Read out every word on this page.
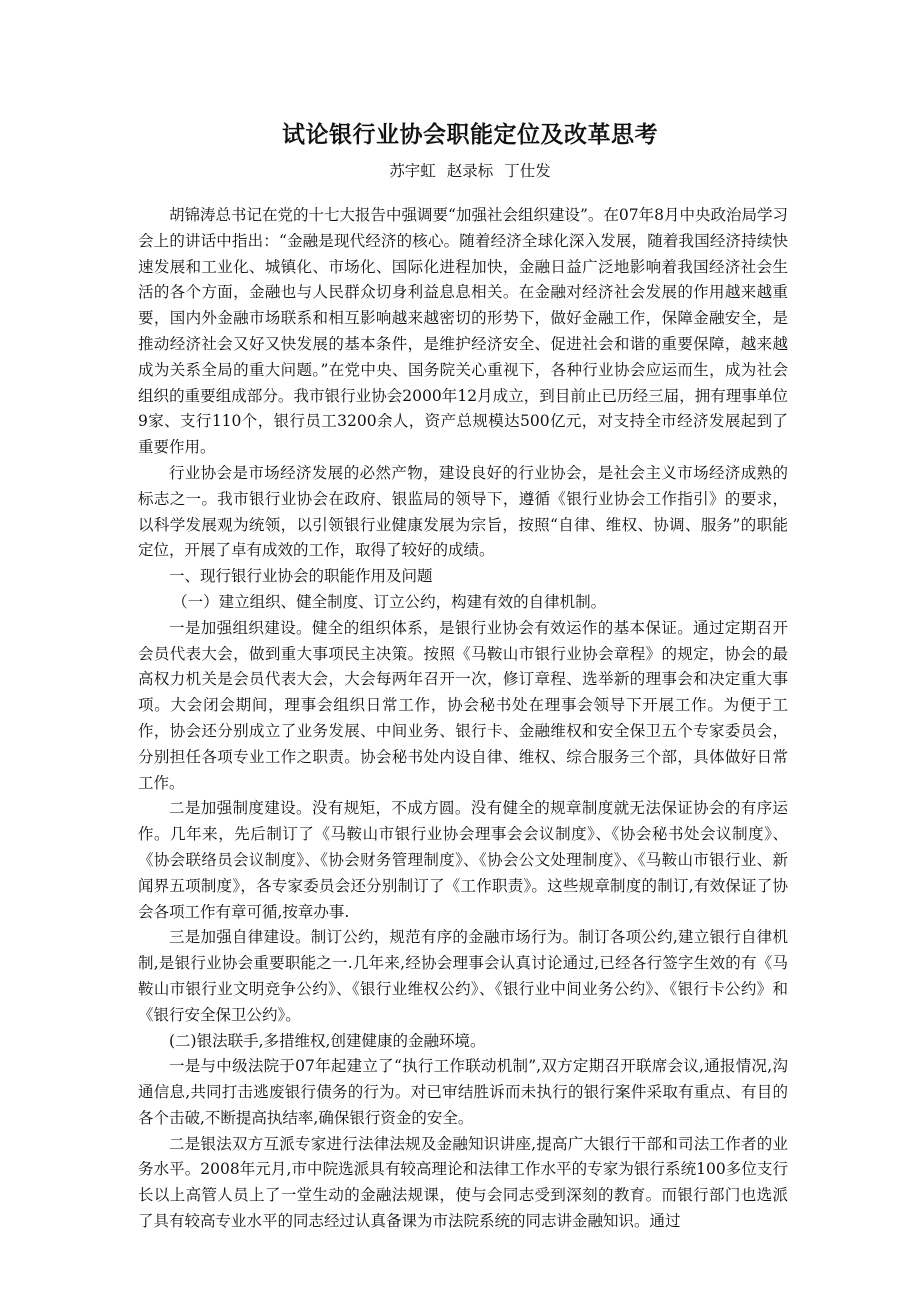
试论银行业协会职能定位及改革思考
苏宇虹 赵录标 丁仕发

胡锦涛总书记在党的十七大报告中强调要“加强社会组织建设”。在07年8月中央政治局学习会上的讲话中指出：“金融是现代经济的核心。随着经济全球化深入发展，随着我国经济持续快速发展和工业化、城镇化、市场化、国际化进程加快，金融日益广泛地影响着我国经济社会生活的各个方面，金融也与人民群众切身利益息息相关。在金融对经济社会发展的作用越来越重要，国内外金融市场联系和相互影响越来越密切的形势下，做好金融工作，保障金融安全，是推动经济社会又好又快发展的基本条件，是维护经济安全、促进社会和谐的重要保障，越来越成为关系全局的重大问题。”在党中央、国务院关心重视下，各种行业协会应运而生，成为社会组织的重要组成部分。我市银行业协会2000年12月成立，到目前止已历经三届，拥有理事单位9家、支行110个，银行员工3200余人，资产总规模达500亿元，对支持全市经济发展起到了重要作用。

行业协会是市场经济发展的必然产物，建设良好的行业协会，是社会主义市场经济成熟的标志之一。我市银行业协会在政府、银监局的领导下，遵循《银行业协会工作指引》的要求，以科学发展观为统领，以引领银行业健康发展为宗旨，按照“自律、维权、协调、服务”的职能定位，开展了卓有成效的工作，取得了较好的成绩。

一、现行银行业协会的职能作用及问题

（一）建立组织、健全制度、订立公约，构建有效的自律机制。

一是加强组织建设。健全的组织体系，是银行业协会有效运作的基本保证。通过定期召开会员代表大会，做到重大事项民主决策。按照《马鞍山市银行业协会章程》的规定，协会的最高权力机关是会员代表大会，大会每两年召开一次，修订章程、选举新的理事会和决定重大事项。大会闭会期间，理事会组织日常工作，协会秘书处在理事会领导下开展工作。为便于工作，协会还分别成立了业务发展、中间业务、银行卡、金融维权和安全保卫五个专家委员会，分别担任各项专业工作之职责。协会秘书处内设自律、维权、综合服务三个部，具体做好日常工作。

二是加强制度建设。没有规矩，不成方圆。没有健全的规章制度就无法保证协会的有序运作。几年来，先后制订了《马鞍山市银行业协会理事会会议制度》、《协会秘书处会议制度》、《协会联络员会议制度》、《协会财务管理制度》、《协会公文处理制度》、《马鞍山市银行业、新闻界五项制度》，各专家委员会还分别制订了《工作职责》。这些规章制度的制订,有效保证了协会各项工作有章可循,按章办事.

三是加强自律建设。制订公约，规范有序的金融市场行为。制订各项公约,建立银行自律机制,是银行业协会重要职能之一.几年来,经协会理事会认真讨论通过,已经各行签字生效的有《马鞍山市银行业文明竞争公约》、《银行业维权公约》、《银行业中间业务公约》、《银行卡公约》和《银行安全保卫公约》。

(二)银法联手,多措维权,创建健康的金融环境。

一是与中级法院于07年起建立了“执行工作联动机制”,双方定期召开联席会议,通报情况,沟通信息,共同打击逃废银行债务的行为。对已审结胜诉而未执行的银行案件采取有重点、有目的各个击破,不断提高执结率,确保银行资金的安全。

二是银法双方互派专家进行法律法规及金融知识讲座,提高广大银行干部和司法工作者的业务水平。2008年元月,市中院选派具有较高理论和法律工作水平的专家为银行系统100多位支行长以上高管人员上了一堂生动的金融法规课，使与会同志受到深刻的教育。而银行部门也选派了具有较高专业水平的同志经过认真备课为市法院系统的同志讲金融知识。通过
